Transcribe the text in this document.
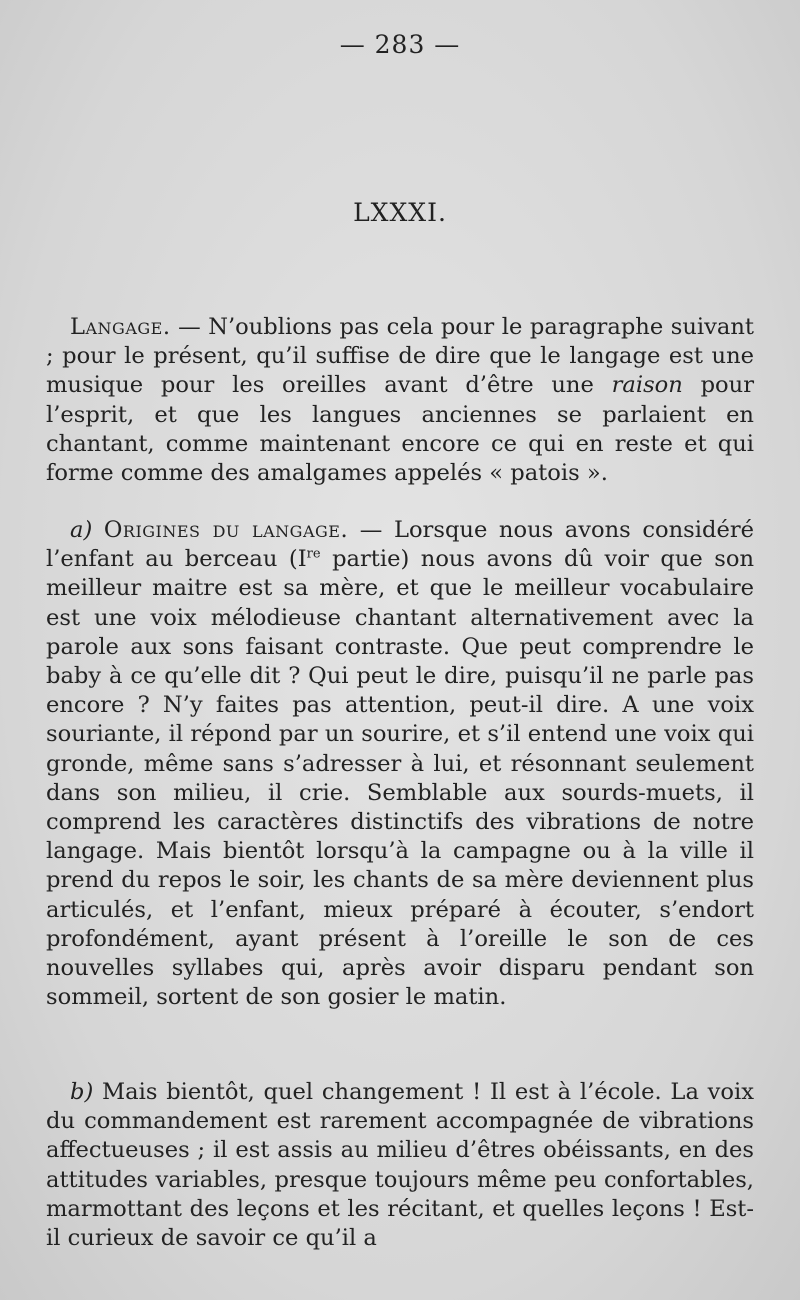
— 283 —
LXXXI.

Langage. — N’oublions pas cela pour le paragraphe suivant ; pour le présent, qu’il suffise de dire que le langage est une musique pour les oreilles avant d’être une raison pour l’esprit, et que les langues anciennes se parlaient en chantant, comme maintenant encore ce qui en reste et qui forme comme des amalgames appelés « patois ».

a) Origines du langage. — Lorsque nous avons considéré l’enfant au berceau (Ire partie) nous avons dû voir que son meilleur maitre est sa mère, et que le meilleur vocabulaire est une voix mélodieuse chantant alternativement avec la parole aux sons faisant contraste. Que peut comprendre le baby à ce qu’elle dit ? Qui peut le dire, puisqu’il ne parle pas encore ? N’y faites pas attention, peut-il dire. A une voix souriante, il répond par un sourire, et s’il entend une voix qui gronde, même sans s’adresser à lui, et résonnant seulement dans son milieu, il crie. Semblable aux sourds-muets, il comprend les caractères distinctifs des vibrations de notre langage. Mais bientôt lorsqu’à la campagne ou à la ville il prend du repos le soir, les chants de sa mère deviennent plus articulés, et l’enfant, mieux préparé à écouter, s’endort profondément, ayant présent à l’oreille le son de ces nouvelles syllabes qui, après avoir disparu pendant son sommeil, sortent de son gosier le matin.

b) Mais bientôt, quel changement ! Il est à l’école. La voix du commandement est rarement accompagnée de vibrations affectueuses ; il est assis au milieu d’êtres obéissants, en des attitudes variables, presque toujours même peu confortables, marmottant des leçons et les récitant, et quelles leçons ! Est-il curieux de savoir ce qu’il a
